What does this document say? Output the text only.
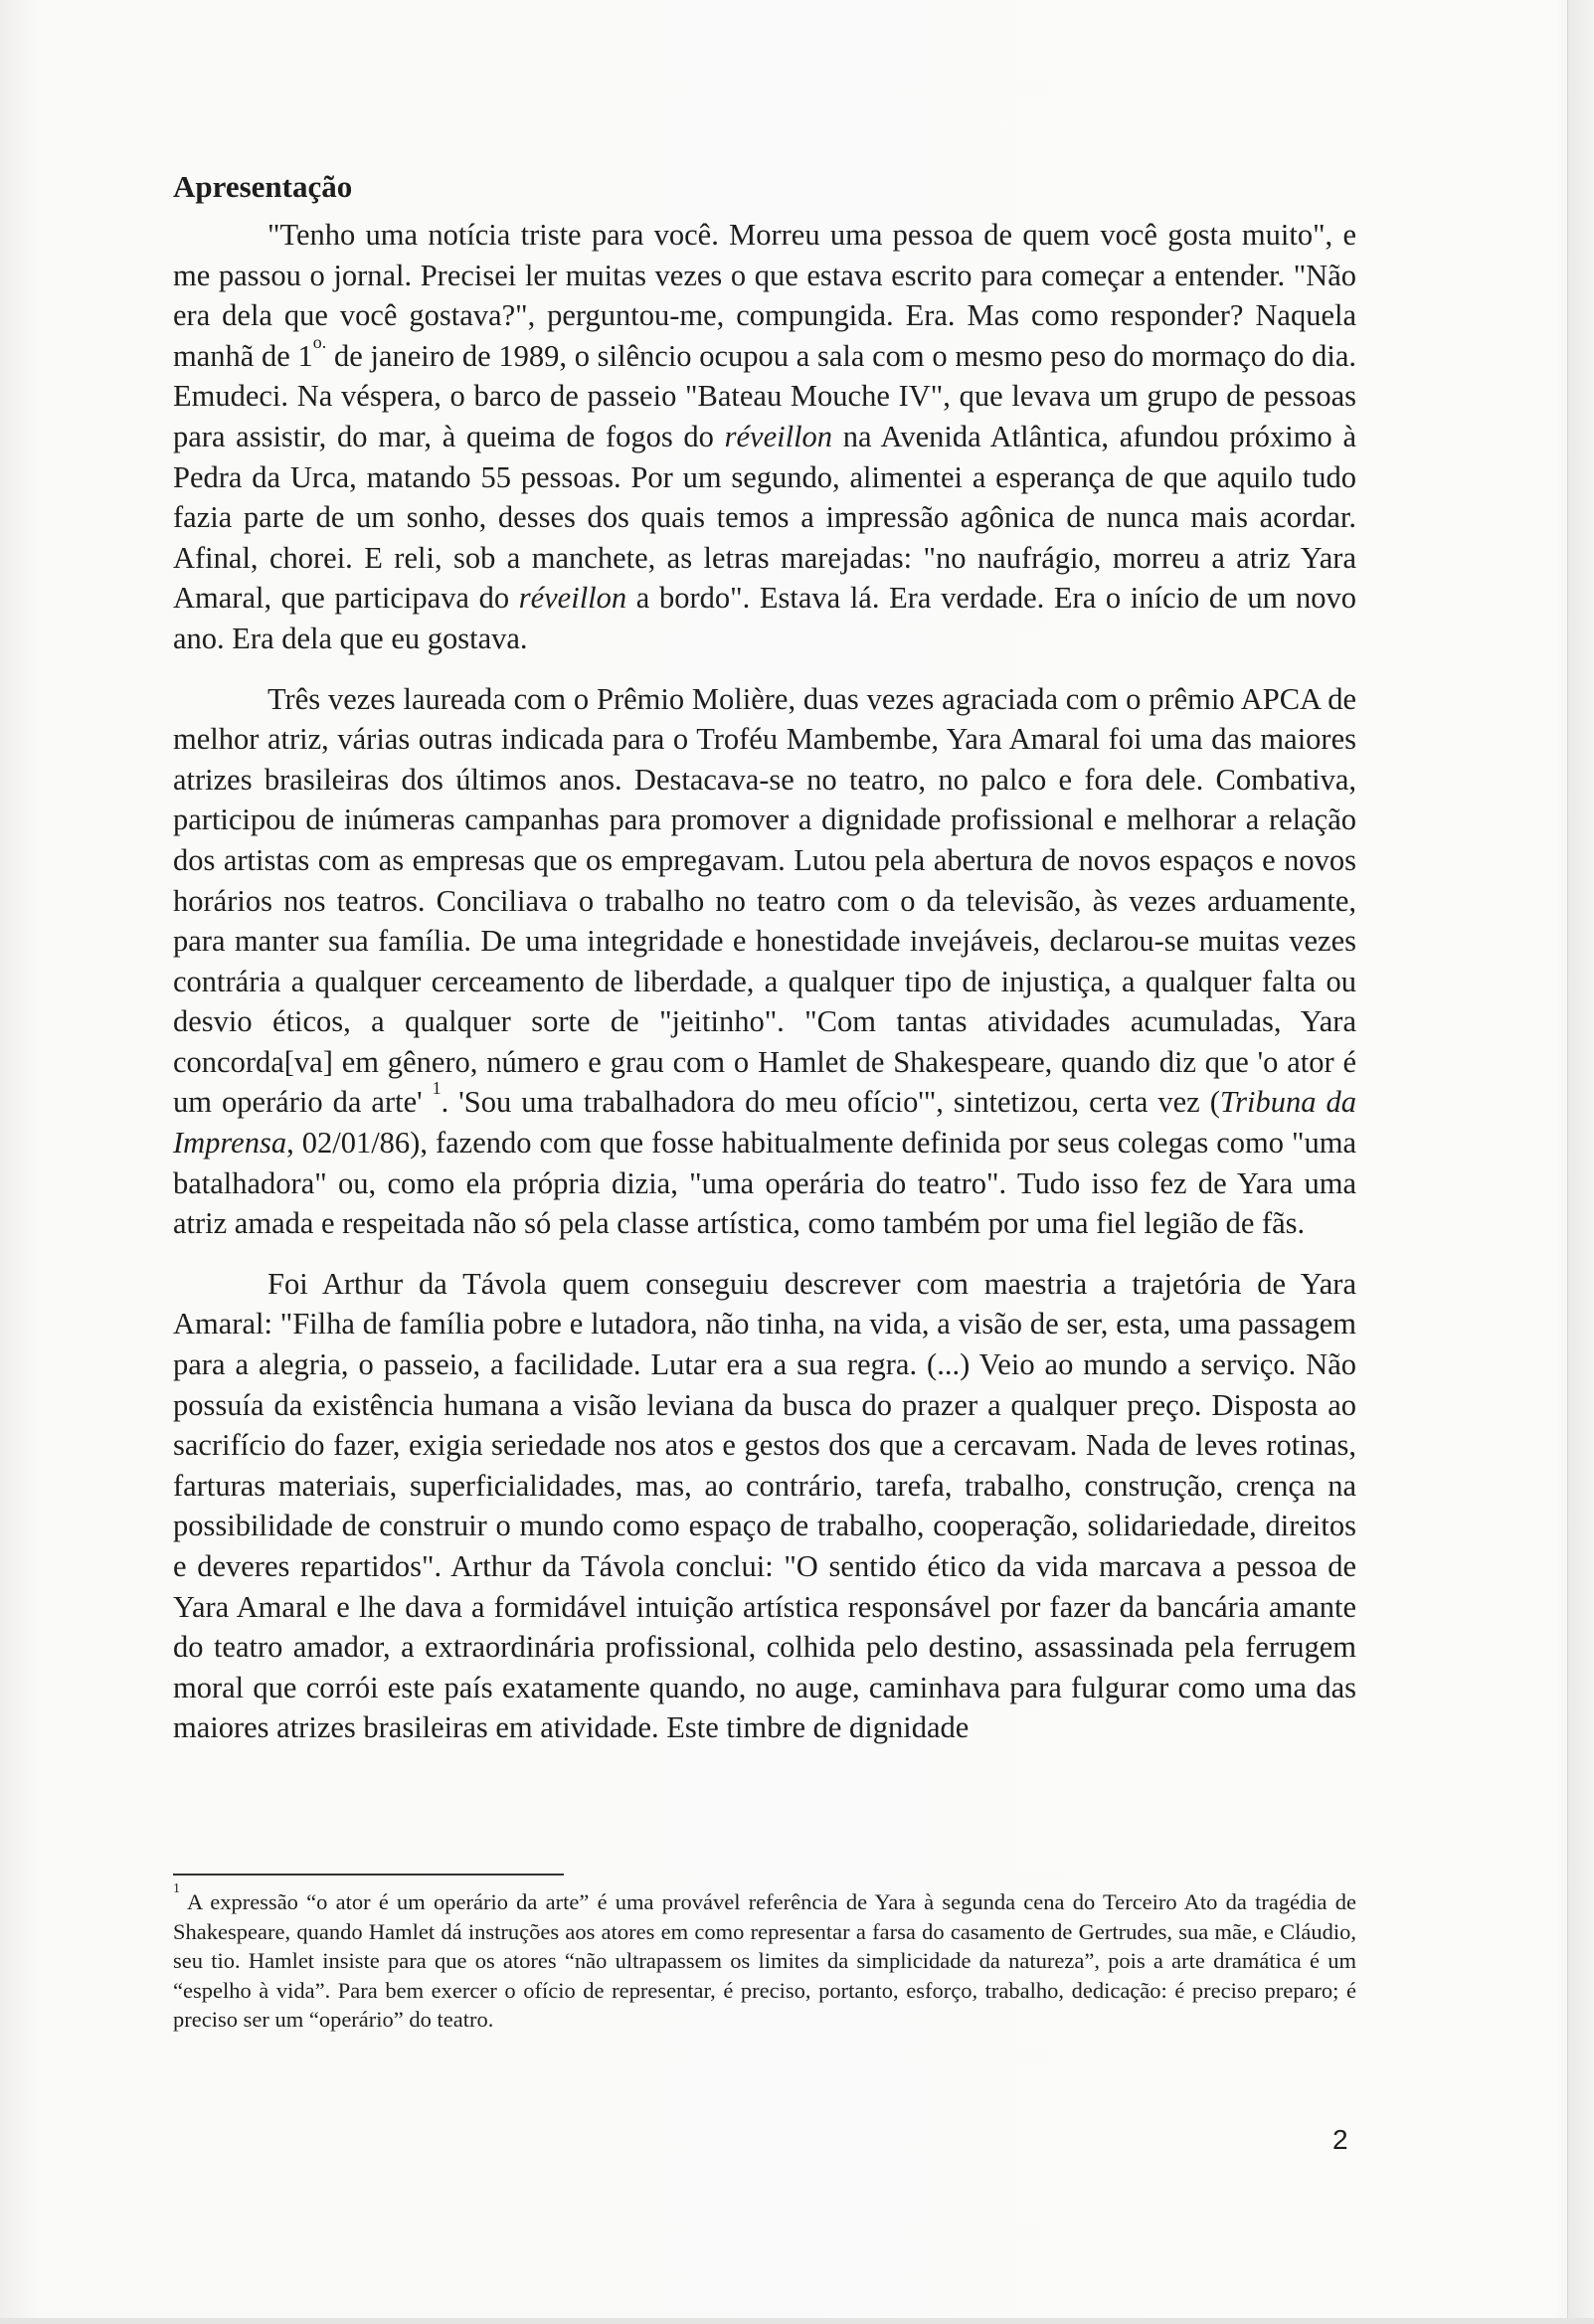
Apresentação

"Tenho uma notícia triste para você. Morreu uma pessoa de quem você gosta muito", e me passou o jornal. Precisei ler muitas vezes o que estava escrito para começar a entender. "Não era dela que você gostava?", perguntou-me, compungida. Era. Mas como responder? Naquela manhã de $1^{o.}$ de janeiro de 1989, o silêncio ocupou a sala com o mesmo peso do mormaço do dia. Emudeci. Na véspera, o barco de passeio "Bateau Mouche IV", que levava um grupo de pessoas para assistir, do mar, à queima de fogos do réveillon na Avenida Atlântica, afundou próximo à Pedra da Urca, matando 55 pessoas. Por um segundo, alimentei a esperança de que aquilo tudo fazia parte de um sonho, desses dos quais temos a impressão agônica de nunca mais acordar. Afinal, chorei. E reli, sob a manchete, as letras marejadas: "no naufrágio, morreu a atriz Yara Amaral, que participava do réveillon a bordo". Estava lá. Era verdade. Era o início de um novo ano. Era dela que eu gostava.

Três vezes laureada com o Prêmio Molière, duas vezes agraciada com o prêmio APCA de melhor atriz, várias outras indicada para o Troféu Mambembe, Yara Amaral foi uma das maiores atrizes brasileiras dos últimos anos. Destacava-se no teatro, no palco e fora dele. Combativa, participou de inúmeras campanhas para promover a dignidade profissional e melhorar a relação dos artistas com as empresas que os empregavam. Lutou pela abertura de novos espaços e novos horários nos teatros. Conciliava o trabalho no teatro com o da televisão, às vezes arduamente, para manter sua família. De uma integridade e honestidade invejáveis, declarou-se muitas vezes contrária a qualquer cerceamento de liberdade, a qualquer tipo de injustiça, a qualquer falta ou desvio éticos, a qualquer sorte de "jeitinho". "Com tantas atividades acumuladas, Yara concorda[va] em gênero, número e grau com o Hamlet de Shakespeare, quando diz que 'o ator é um operário da arte' $^1$. 'Sou uma trabalhadora do meu ofício'", sintetizou, certa vez (Tribuna da Imprensa, 02/01/86), fazendo com que fosse habitualmente definida por seus colegas como "uma batalhadora" ou, como ela própria dizia, "uma operária do teatro". Tudo isso fez de Yara uma atriz amada e respeitada não só pela classe artística, como também por uma fiel legião de fãs.

Foi Arthur da Távola quem conseguiu descrever com maestria a trajetória de Yara Amaral: "Filha de família pobre e lutadora, não tinha, na vida, a visão de ser, esta, uma passagem para a alegria, o passeio, a facilidade. Lutar era a sua regra. (...) Veio ao mundo a serviço. Não possuía da existência humana a visão leviana da busca do prazer a qualquer preço. Disposta ao sacrifício do fazer, exigia seriedade nos atos e gestos dos que a cercavam. Nada de leves rotinas, farturas materiais, superficialidades, mas, ao contrário, tarefa, trabalho, construção, crença na possibilidade de construir o mundo como espaço de trabalho, cooperação, solidariedade, direitos e deveres repartidos". Arthur da Távola conclui: "O sentido ético da vida marcava a pessoa de Yara Amaral e lhe dava a formidável intuição artística responsável por fazer da bancária amante do teatro amador, a extraordinária profissional, colhida pelo destino, assassinada pela ferrugem moral que corrói este país exatamente quando, no auge, caminhava para fulgurar como uma das maiores atrizes brasileiras em atividade. Este timbre de dignidade

$^1$ A expressão “o ator é um operário da arte” é uma provável referência de Yara à segunda cena do Terceiro Ato da tragédia de Shakespeare, quando Hamlet dá instruções aos atores em como representar a farsa do casamento de Gertrudes, sua mãe, e Cláudio, seu tio. Hamlet insiste para que os atores “não ultrapassem os limites da simplicidade da natureza”, pois a arte dramática é um “espelho à vida”. Para bem exercer o ofício de representar, é preciso, portanto, esforço, trabalho, dedicação: é preciso preparo; é preciso ser um “operário” do teatro.
2
